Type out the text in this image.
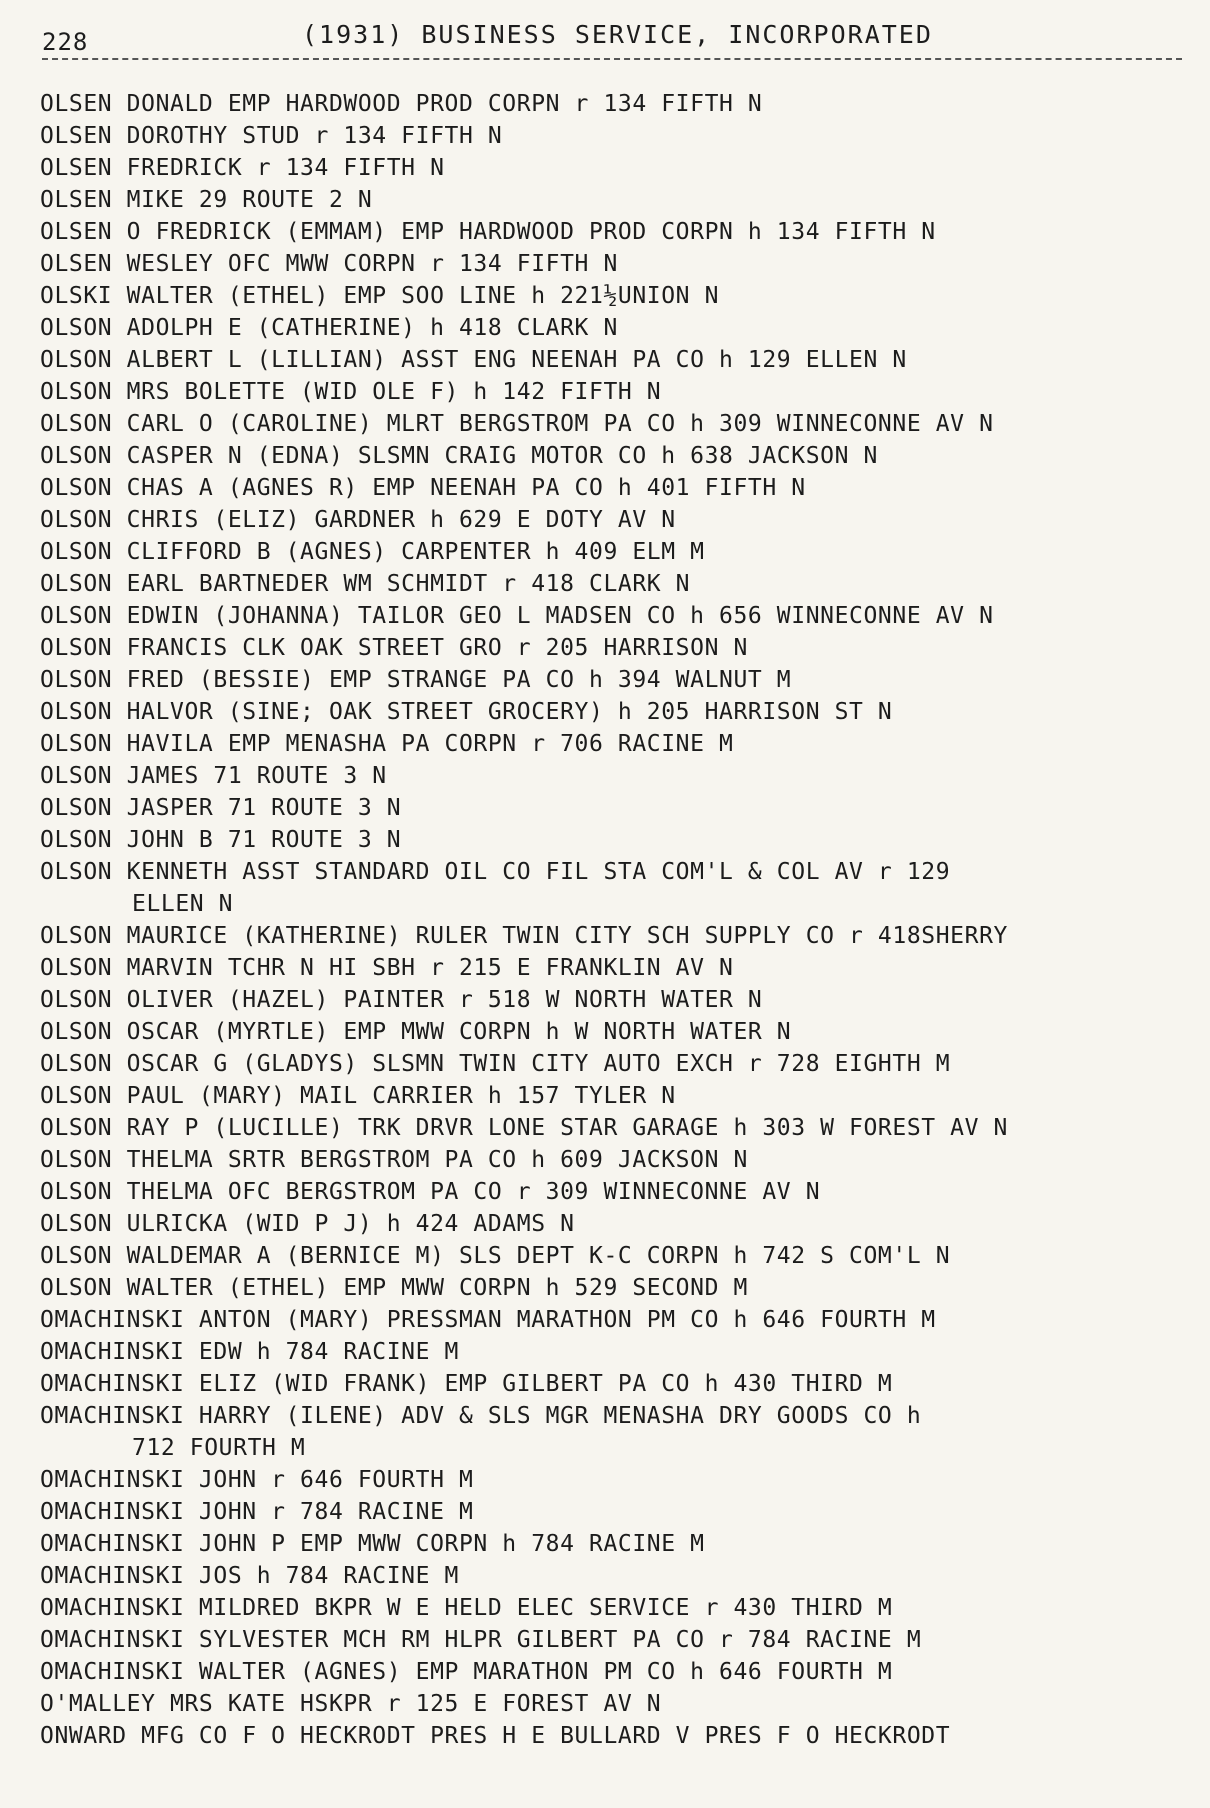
228	(1931) BUSINESS SERVICE, INCORPORATED
OLSEN DONALD EMP HARDWOOD PROD CORPN r 134 FIFTH N
OLSEN DOROTHY STUD r 134 FIFTH N
OLSEN FREDRICK r 134 FIFTH N
OLSEN MIKE 29 ROUTE 2 N
OLSEN O FREDRICK (EMMAM) EMP HARDWOOD PROD CORPN h 134 FIFTH N
OLSEN WESLEY OFC MWW CORPN r 134 FIFTH N
OLSKI WALTER (ETHEL) EMP SOO LINE h 221½UNION N
OLSON ADOLPH E (CATHERINE) h 418 CLARK N
OLSON ALBERT L (LILLIAN) ASST ENG NEENAH PA CO h 129 ELLEN N
OLSON MRS BOLETTE (WID OLE F) h 142 FIFTH N
OLSON CARL O (CAROLINE) MLRT BERGSTROM PA CO h 309 WINNECONNE AV N
OLSON CASPER N (EDNA) SLSMN CRAIG MOTOR CO h 638 JACKSON N
OLSON CHAS A (AGNES R) EMP NEENAH PA CO h 401 FIFTH N
OLSON CHRIS (ELIZ) GARDNER h 629 E DOTY AV N
OLSON CLIFFORD B (AGNES) CARPENTER h 409 ELM M
OLSON EARL BARTNEDER WM SCHMIDT r 418 CLARK N
OLSON EDWIN (JOHANNA) TAILOR GEO L MADSEN CO h 656 WINNECONNE AV N
OLSON FRANCIS CLK OAK STREET GRO r 205 HARRISON N
OLSON FRED (BESSIE) EMP STRANGE PA CO h 394 WALNUT M
OLSON HALVOR (SINE; OAK STREET GROCERY) h 205 HARRISON ST N
OLSON HAVILA EMP MENASHA PA CORPN r 706 RACINE M
OLSON JAMES 71 ROUTE 3 N
OLSON JASPER 71 ROUTE 3 N
OLSON JOHN B 71 ROUTE 3 N
OLSON KENNETH ASST STANDARD OIL CO FIL STA COM'L & COL AV r 129
ELLEN N
OLSON MAURICE (KATHERINE) RULER TWIN CITY SCH SUPPLY CO r 418SHERRY
OLSON MARVIN TCHR N HI SBH r 215 E FRANKLIN AV N
OLSON OLIVER (HAZEL) PAINTER r 518 W NORTH WATER N
OLSON OSCAR (MYRTLE) EMP MWW CORPN h W NORTH WATER N
OLSON OSCAR G (GLADYS) SLSMN TWIN CITY AUTO EXCH r 728 EIGHTH M
OLSON PAUL (MARY) MAIL CARRIER h 157 TYLER N
OLSON RAY P (LUCILLE) TRK DRVR LONE STAR GARAGE h 303 W FOREST AV N
OLSON THELMA SRTR BERGSTROM PA CO h 609 JACKSON N
OLSON THELMA OFC BERGSTROM PA CO r 309 WINNECONNE AV N
OLSON ULRICKA (WID P J) h 424 ADAMS N
OLSON WALDEMAR A (BERNICE M) SLS DEPT K-C CORPN h 742 S COM'L N
OLSON WALTER (ETHEL) EMP MWW CORPN h 529 SECOND M
OMACHINSKI ANTON (MARY) PRESSMAN MARATHON PM CO h 646 FOURTH M
OMACHINSKI EDW h 784 RACINE M
OMACHINSKI ELIZ (WID FRANK) EMP GILBERT PA CO h 430 THIRD M
OMACHINSKI HARRY (ILENE) ADV & SLS MGR MENASHA DRY GOODS CO h
712 FOURTH M
OMACHINSKI JOHN r 646 FOURTH M
OMACHINSKI JOHN r 784 RACINE M
OMACHINSKI JOHN P EMP MWW CORPN h 784 RACINE M
OMACHINSKI JOS h 784 RACINE M
OMACHINSKI MILDRED BKPR W E HELD ELEC SERVICE r 430 THIRD M
OMACHINSKI SYLVESTER MCH RM HLPR GILBERT PA CO r 784 RACINE M
OMACHINSKI WALTER (AGNES) EMP MARATHON PM CO h 646 FOURTH M
O'MALLEY MRS KATE HSKPR r 125 E FOREST AV N
ONWARD MFG CO F O HECKRODT PRES H E BULLARD V PRES F O HECKRODT
